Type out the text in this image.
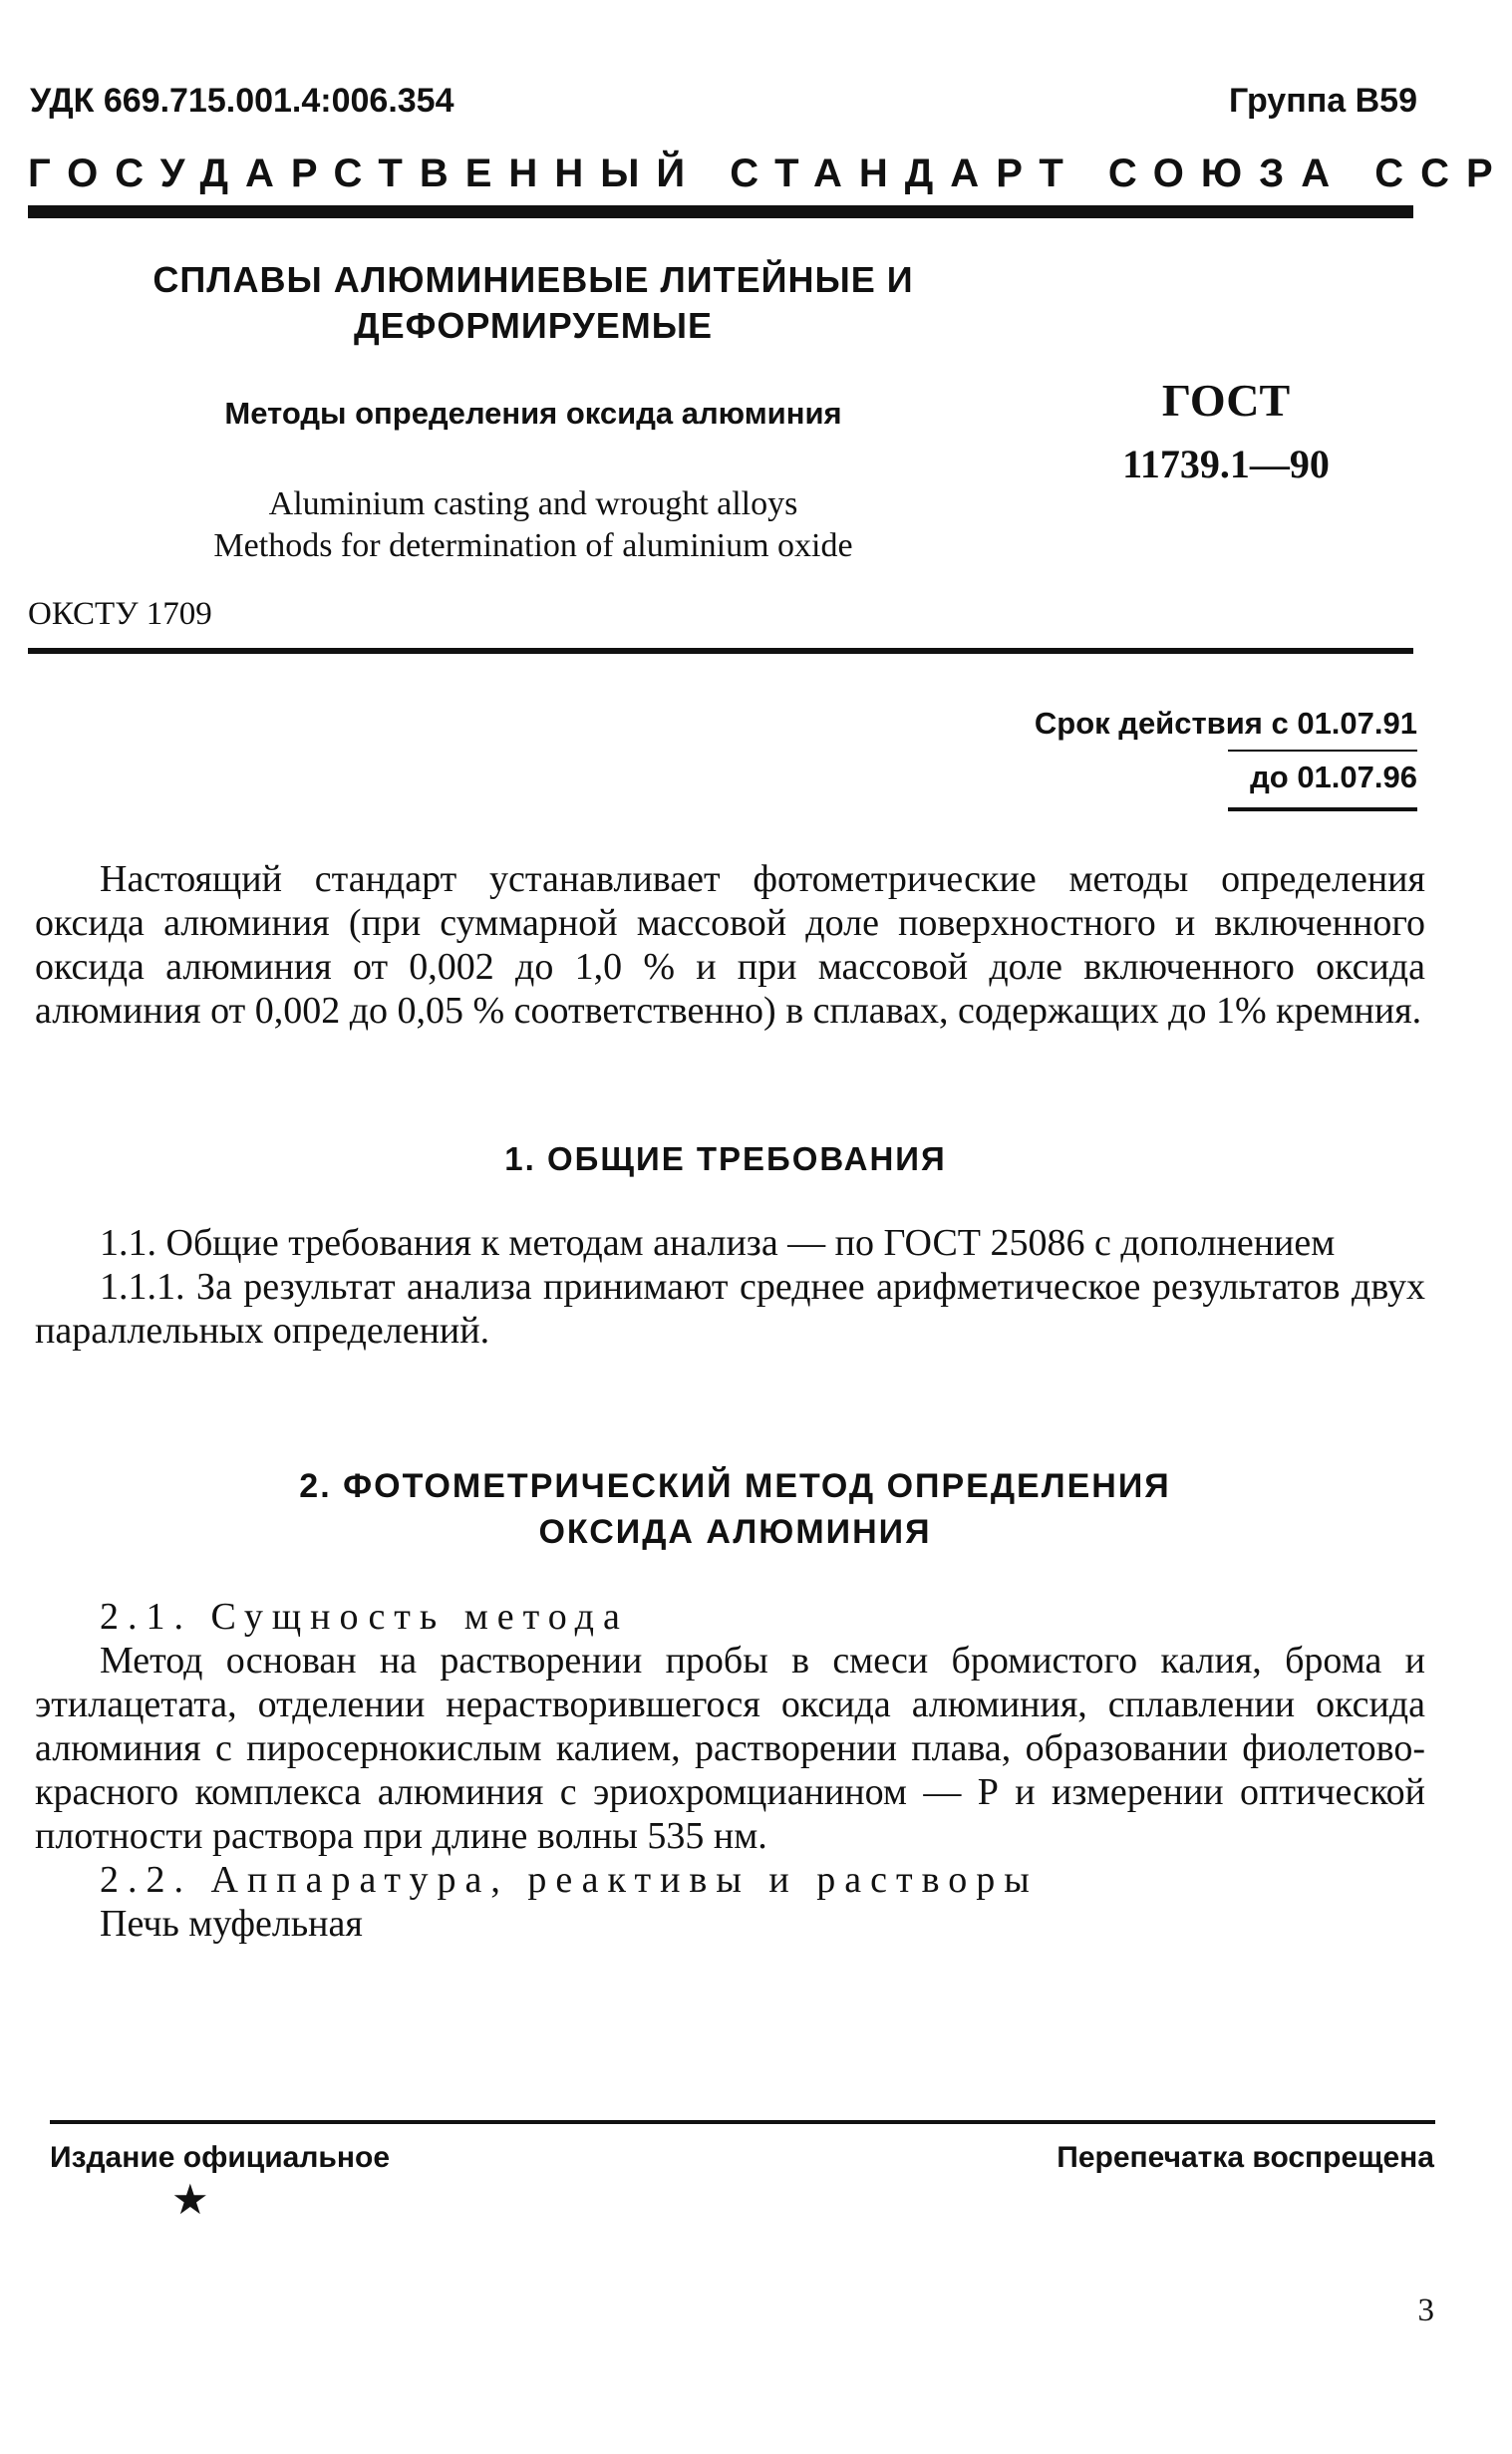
УДК 669.715.001.4:006.354	Группа В59
ГОСУДАРСТВЕННЫЙ СТАНДАРТ СОЮЗА ССР
СПЛАВЫ АЛЮМИНИЕВЫЕ ЛИТЕЙНЫЕ И
ДЕФОРМИРУЕМЫЕ
Методы определения оксида алюминия	ГОСТ
11739.1—90
Aluminium casting and wrought alloys
Methods for determination of aluminium oxide
ОКСТУ 1709
Срок действия с 01.07.91
до 01.07.96

Настоящий стандарт устанавливает фотометрические методы определения оксида алюминия (при суммарной массовой доле поверхностного и включенного оксида алюминия от 0,002 до 1,0 % и при массовой доле включенного оксида алюминия от 0,002 до 0,05 % соответственно) в сплавах, содержащих до 1% кремния.

1. ОБЩИЕ ТРЕБОВАНИЯ
1.1. Общие требования к методам анализа — по ГОСТ 25086 с дополнением
1.1.1. За результат анализа принимают среднее арифметическое результатов двух параллельных определений.
2. ФОТОМЕТРИЧЕСКИЙ МЕТОД ОПРЕДЕЛЕНИЯ
ОКСИДА АЛЮМИНИЯ
2.1. Сущность метода
Метод основан на растворении пробы в смеси бромистого калия, брома и этилацетата, отделении нерастворившегося оксида алюминия, сплавлении оксида алюминия с пиросернокислым калием, растворении плава, образовании фиолетово-красного комплекса алюминия с эриохромцианином — Р и измерении оптической плотности раствора при длине волны 535 нм.
2.2. Аппаратура, реактивы и растворы
Печь муфельная
Издание официальное	Перепечатка воспрещена
★
3
